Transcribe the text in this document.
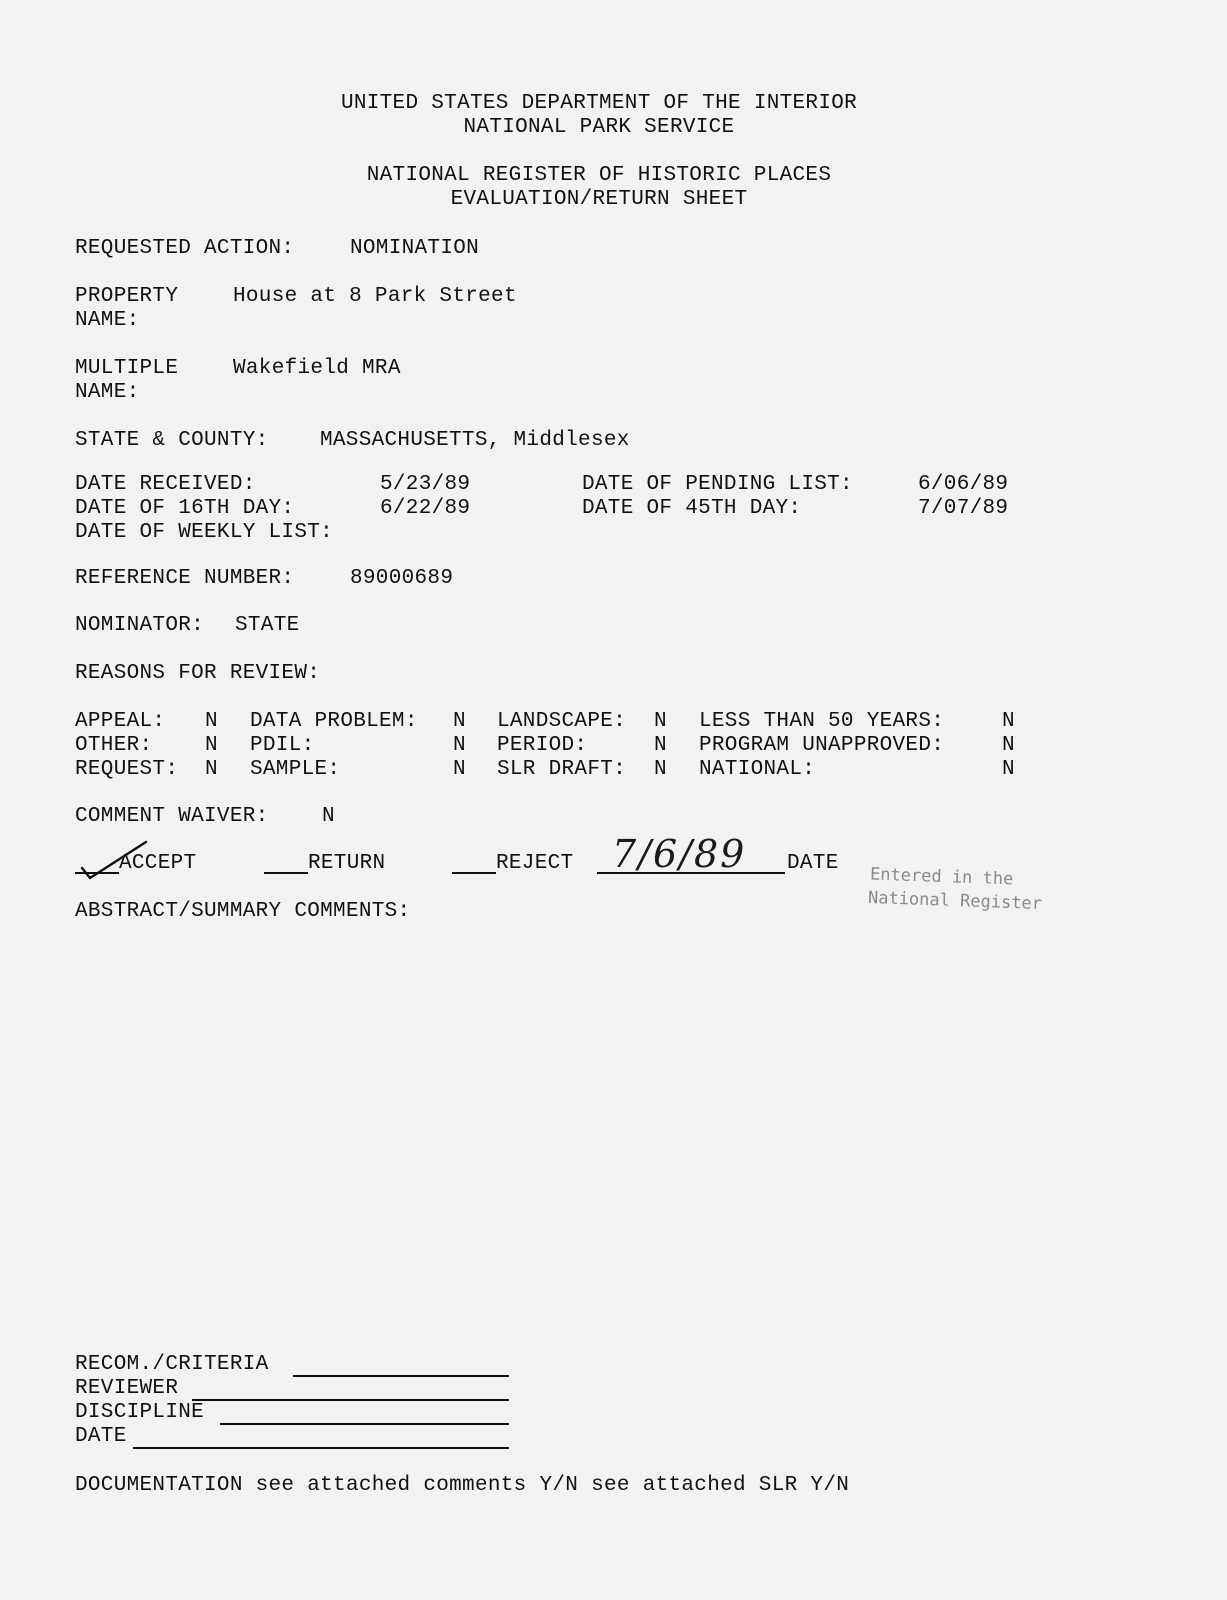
UNITED STATES DEPARTMENT OF THE INTERIOR
NATIONAL PARK SERVICE
NATIONAL REGISTER OF HISTORIC PLACES
EVALUATION/RETURN SHEET
REQUESTED ACTION:	NOMINATION
PROPERTY
NAME:
House at 8 Park Street
MULTIPLE
NAME:
Wakefield MRA
STATE & COUNTY: MASSACHUSETTS, Middlesex
DATE RECEIVED:	5/23/89	DATE OF PENDING LIST:	6/06/89
DATE OF 16TH DAY:	6/22/89	DATE OF 45TH DAY:	7/07/89
DATE OF WEEKLY LIST:
REFERENCE NUMBER:	89000689
NOMINATOR: STATE
REASONS FOR REVIEW:
APPEAL: N DATA PROBLEM: N LANDSCAPE: N LESS THAN 50 YEARS:	N
OTHER:	N PDIL:	N PERIOD:	N PROGRAM UNAPPROVED:	N
REQUEST: N SAMPLE:	N SLR DRAFT: N NATIONAL:	N
COMMENT WAIVER:	N
ACCEPT	RETURN	REJECT 7/6/89 DATE
Entered in the
National Register
ABSTRACT/SUMMARY COMMENTS:
RECOM./CRITERIA
REVIEWER
DISCIPLINE
DATE
DOCUMENTATION see attached comments Y/N see attached SLR Y/N
